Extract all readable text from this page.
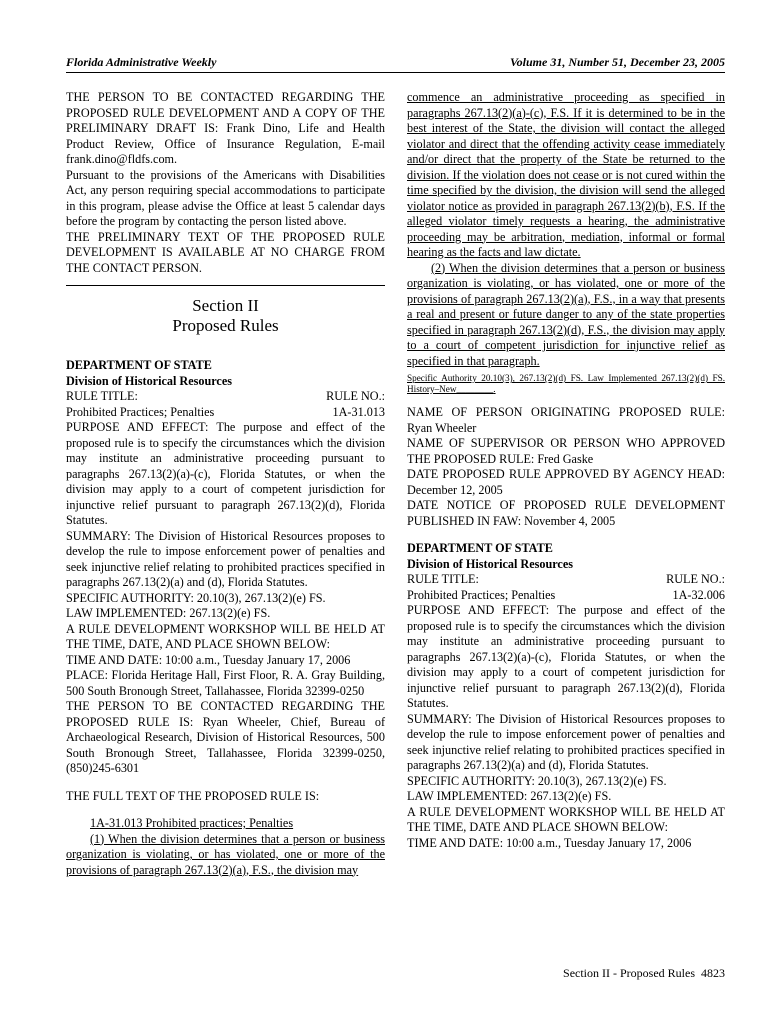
Florida Administrative Weekly	Volume 31, Number 51, December 23, 2005

THE PERSON TO BE CONTACTED REGARDING THE PROPOSED RULE DEVELOPMENT AND A COPY OF THE PRELIMINARY DRAFT IS: Frank Dino, Life and Health Product Review, Office of Insurance Regulation, E-mail frank.dino@fldfs.com.

Pursuant to the provisions of the Americans with Disabilities Act, any person requiring special accommodations to participate in this program, please advise the Office at least 5 calendar days before the program by contacting the person listed above.

THE PRELIMINARY TEXT OF THE PROPOSED RULE DEVELOPMENT IS AVAILABLE AT NO CHARGE FROM THE CONTACT PERSON.

Section II
Proposed Rules

DEPARTMENT OF STATE

Division of Historical Resources

RULE TITLE:	RULE NO.:
Prohibited Practices; Penalties	1A-31.013

PURPOSE AND EFFECT: The purpose and effect of the proposed rule is to specify the circumstances which the division may institute an administrative proceeding pursuant to paragraphs 267.13(2)(a)-(c), Florida Statutes, or when the division may apply to a court of competent jurisdiction for injunctive relief pursuant to paragraph 267.13(2)(d), Florida Statutes.

SUMMARY: The Division of Historical Resources proposes to develop the rule to impose enforcement power of penalties and seek injunctive relief relating to prohibited practices specified in paragraphs 267.13(2)(a) and (d), Florida Statutes.

SPECIFIC AUTHORITY: 20.10(3), 267.13(2)(e) FS.

LAW IMPLEMENTED: 267.13(2)(e) FS.

A RULE DEVELOPMENT WORKSHOP WILL BE HELD AT THE TIME, DATE, AND PLACE SHOWN BELOW:

TIME AND DATE: 10:00 a.m., Tuesday January 17, 2006

PLACE: Florida Heritage Hall, First Floor, R. A. Gray Building, 500 South Bronough Street, Tallahassee, Florida 32399-0250

THE PERSON TO BE CONTACTED REGARDING THE PROPOSED RULE IS: Ryan Wheeler, Chief, Bureau of Archaeological Research, Division of Historical Resources, 500 South Bronough Street, Tallahassee, Florida 32399-0250, (850)245-6301

THE FULL TEXT OF THE PROPOSED RULE IS:

1A-31.013 Prohibited practices; Penalties

(1) When the division determines that a person or business organization is violating, or has violated, one or more of the provisions of paragraph 267.13(2)(a), F.S., the division may

commence an administrative proceeding as specified in paragraphs 267.13(2)(a)-(c), F.S. If it is determined to be in the best interest of the State, the division will contact the alleged violator and direct that the offending activity cease immediately and/or direct that the property of the State be returned to the division. If the violation does not cease or is not cured within the time specified by the division, the division will send the alleged violator notice as provided in paragraph 267.13(2)(b), F.S. If the alleged violator timely requests a hearing, the administrative proceeding may be arbitration, mediation, informal or formal hearing as the facts and law dictate.

(2) When the division determines that a person or business organization is violating, or has violated, one or more of the provisions of paragraph 267.13(2)(a), F.S., in a way that presents a real and present or future danger to any of the state properties specified in paragraph 267.13(2)(d), F.S., the division may apply to a court of competent jurisdiction for injunctive relief as specified in that paragraph.

Specific Authority 20.10(3), 267.13(2)(d) FS. Law Implemented 267.13(2)(d) FS. History–New________.

NAME OF PERSON ORIGINATING PROPOSED RULE: Ryan Wheeler

NAME OF SUPERVISOR OR PERSON WHO APPROVED THE PROPOSED RULE: Fred Gaske

DATE PROPOSED RULE APPROVED BY AGENCY HEAD: December 12, 2005

DATE NOTICE OF PROPOSED RULE DEVELOPMENT PUBLISHED IN FAW: November 4, 2005

DEPARTMENT OF STATE

Division of Historical Resources

RULE TITLE:	RULE NO.:
Prohibited Practices; Penalties	1A-32.006

PURPOSE AND EFFECT: The purpose and effect of the proposed rule is to specify the circumstances which the division may institute an administrative proceeding pursuant to paragraphs 267.13(2)(a)-(c), Florida Statutes, or when the division may apply to a court of competent jurisdiction for injunctive relief pursuant to paragraph 267.13(2)(d), Florida Statutes.

SUMMARY: The Division of Historical Resources proposes to develop the rule to impose enforcement power of penalties and seek injunctive relief relating to prohibited practices specified in paragraphs 267.13(2)(a) and (d), Florida Statutes.

SPECIFIC AUTHORITY: 20.10(3), 267.13(2)(e) FS.

LAW IMPLEMENTED: 267.13(2)(e) FS.

A RULE DEVELOPMENT WORKSHOP WILL BE HELD AT THE TIME, DATE AND PLACE SHOWN BELOW:

TIME AND DATE: 10:00 a.m., Tuesday January 17, 2006

Section II - Proposed Rules 4823
